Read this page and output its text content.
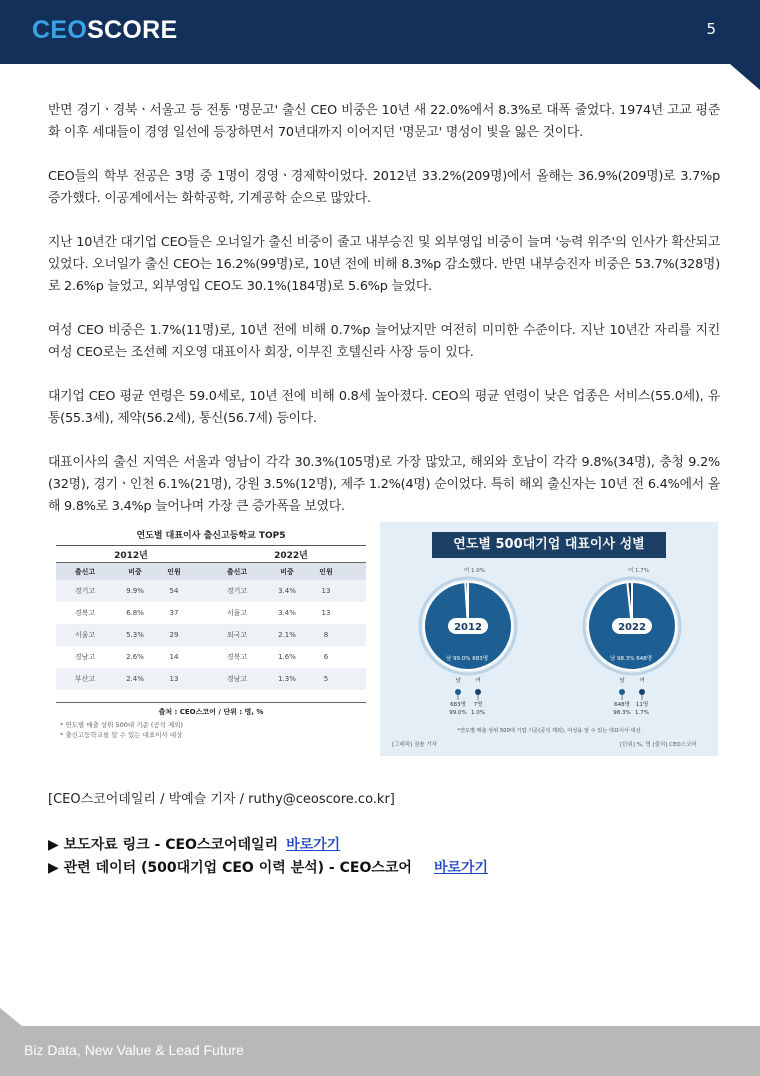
CEOSCORE	5

반면 경기ㆍ경북ㆍ서울고 등 전통 '명문고' 출신 CEO 비중은 10년 새 22.0%에서 8.3%로 대폭 줄었다. 1974년 고교 평준화 이후 세대들이 경영 일선에 등장하면서 70년대까지 이어지던 '명문고' 명성이 빛을 잃은 것이다.

CEO들의 학부 전공은 3명 중 1명이 경영ㆍ경제학이었다. 2012년 33.2%(209명)에서 올해는 36.9%(209명)로 3.7%p 증가했다. 이공계에서는 화학공학, 기계공학 순으로 많았다.

지난 10년간 대기업 CEO들은 오너일가 출신 비중이 줄고 내부승진 및 외부영입 비중이 늘며 '능력 위주'의 인사가 확산되고 있었다. 오너일가 출신 CEO는 16.2%(99명)로, 10년 전에 비해 8.3%p 감소했다. 반면 내부승진자 비중은 53.7%(328명)로 2.6%p 늘었고, 외부영입 CEO도 30.1%(184명)로 5.6%p 늘었다.

여성 CEO 비중은 1.7%(11명)로, 10년 전에 비해 0.7%p 늘어났지만 여전히 미미한 수준이다. 지난 10년간 자리를 지킨 여성 CEO로는 조선혜 지오영 대표이사 회장, 이부진 호텔신라 사장 등이 있다.

대기업 CEO 평균 연령은 59.0세로, 10년 전에 비해 0.8세 높아졌다. CEO의 평균 연령이 낮은 업종은 서비스(55.0세), 유통(55.3세), 제약(56.2세), 통신(56.7세) 등이다.

대표이사의 출신 지역은 서울과 영남이 각각 30.3%(105명)로 가장 많았고, 해외와 호남이 각각 9.8%(34명), 충청 9.2%(32명), 경기ㆍ인천 6.1%(21명), 강원 3.5%(12명), 제주 1.2%(4명) 순이었다. 특히 해외 출신자는 10년 전 6.4%에서 올해 9.8%로 3.4%p 늘어나며 가장 큰 증가폭을 보였다.

연도별 대표이사 출신고등학교 TOP5
2012년	2022년
출신고	비중	인원	출신고	비중	인원
경기고	9.9%	54	경기고	3.4%	13
경복고	6.8%	37	서울고	3.4%	13
서울고	5.3%	29	외국고	2.1%	8
경남고	2.6%	14	경북고	1.6%	6
부산고	2.4%	13	경남고	1.3%	5
출처 : CEO스코어 / 단위 : 명, %
* 연도별 매출 상위 500대 기준 (공석 제외)
* 출신고등학교를 알 수 있는 대표이사 대상
2012
남 99.0% 683명
여 1.0%
남
683명
99.0%
여
7명
1.0%
2022
남 98.3% 648명
여 1.7%
남
648명
98.3%
여
11명
1.7%
*연도별 매출 상위 500대 기업 기준(공석 제외), 여성을 알 수 있는 대표이사 대상
연도별 500대기업 대표이사 성별
[그래픽] 권솔 기자	[단위] %, 명 [출처] CEO스코어
[CEO스코어데일리 / 박예슬 기자 / ruthy@ceoscore.co.kr]
▶ 보도자료 링크 - CEO스코어데일리 바로가기
▶ 관련 데이터 (500대기업 CEO 이력 분석) - CEO스코어 바로가기
Biz Data, New Value & Lead Future
